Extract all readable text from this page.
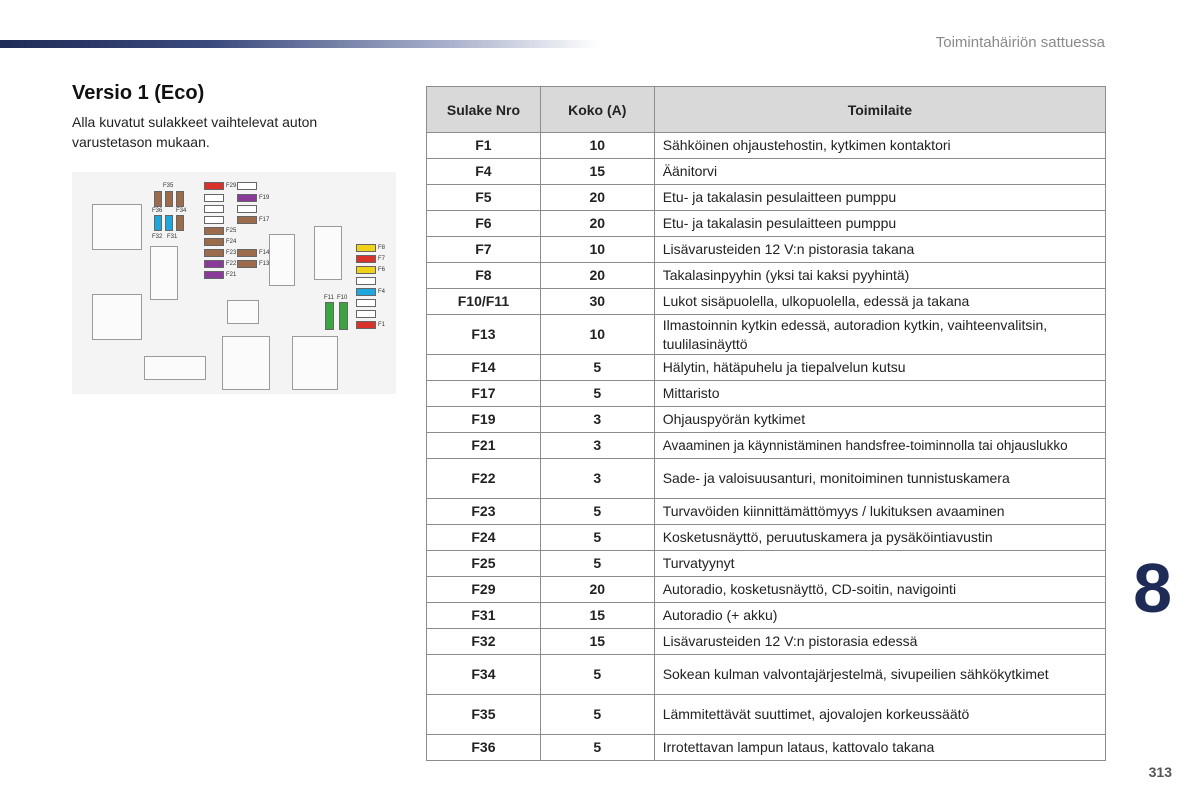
Toimintahäiriön sattuessa
Versio 1 (Eco)
Alla kuvatut sulakkeet vaihtelevat auton varustetason mukaan.
F35
F36 F34
F32 F31
F29
F19
F17
F25
F24
F23	F14
F22	F13
F21
F8
F7
F6
F4
F1
F11 F10
Sulake Nro	Koko (A)	Toimilaite
F1	10	Sähköinen ohjaustehostin, kytkimen kontaktori
F4	15	Äänitorvi
F5	20	Etu- ja takalasin pesulaitteen pumppu
F6	20	Etu- ja takalasin pesulaitteen pumppu
F7	10	Lisävarusteiden 12 V:n pistorasia takana
F8	20	Takalasinpyyhin (yksi tai kaksi pyyhintä)
F10/F11	30	Lukot sisäpuolella, ulkopuolella, edessä ja takana
F13	10	Ilmastoinnin kytkin edessä, autoradion kytkin, vaihteenvalitsin, tuulilasinäyttö
F14	5	Hälytin, hätäpuhelu ja tiepalvelun kutsu
F17	5	Mittaristo
F19	3	Ohjauspyörän kytkimet
F21	3	Avaaminen ja käynnistäminen handsfree-toiminnolla tai ohjauslukko
F22	3	Sade- ja valoisuusanturi, monitoiminen tunnistuskamera
F23	5	Turvavöiden kiinnittämättömyys / lukituksen avaaminen
F24	5	Kosketusnäyttö, peruutuskamera ja pysäköintiavustin
F25	5	Turvatyynyt
F29	20	Autoradio, kosketusnäyttö, CD-soitin, navigointi
F31	15	Autoradio (+ akku)
F32	15	Lisävarusteiden 12 V:n pistorasia edessä
F34	5	Sokean kulman valvontajärjestelmä, sivupeilien sähkökytkimet
F35	5	Lämmitettävät suuttimet, ajovalojen korkeussäätö
F36	5	Irrotettavan lampun lataus, kattovalo takana
8
313
